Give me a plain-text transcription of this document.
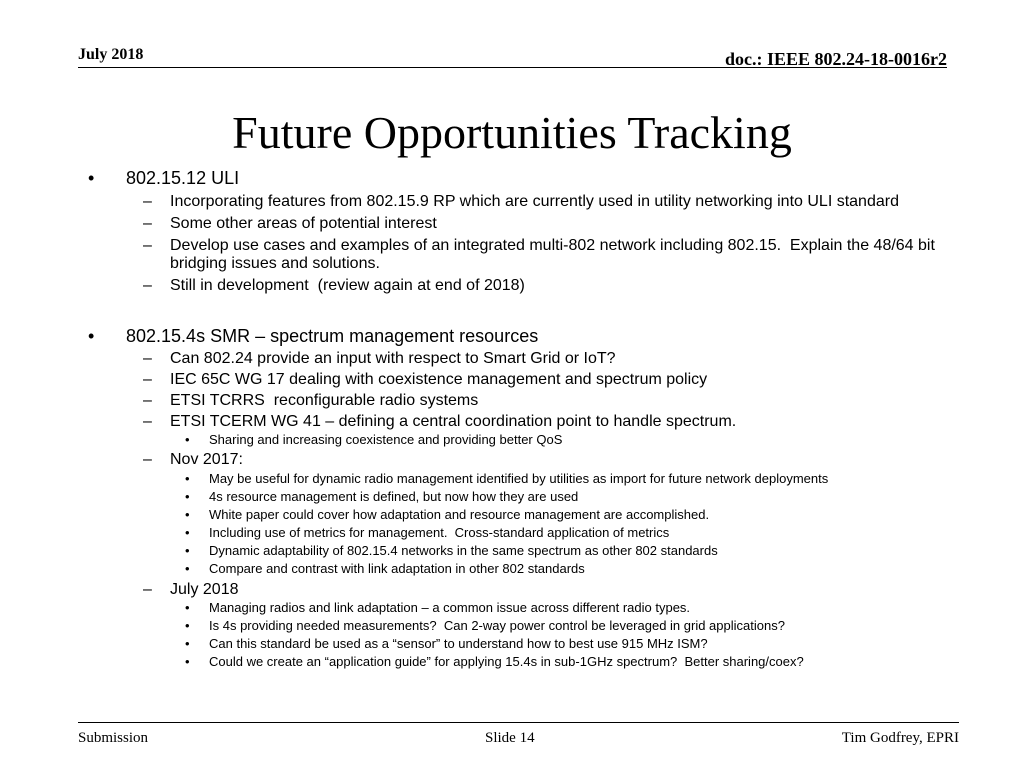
July 2018	doc.: IEEE 802.24-18-0016r2
Future Opportunities Tracking
• 802.15.12 ULI
– Incorporating features from 802.15.9 RP which are currently used in utility networking into ULI standard
– Some other areas of potential interest
– Develop use cases and examples of an integrated multi-802 network including 802.15.  Explain the 48/64 bit bridging issues and solutions.
– Still in development  (review again at end of 2018)
• 802.15.4s SMR – spectrum management resources
– Can 802.24 provide an input with respect to Smart Grid or IoT?
– IEC 65C WG 17 dealing with coexistence management and spectrum policy
– ETSI TCRRS  reconfigurable radio systems
– ETSI TCERM WG 41 – defining a central coordination point to handle spectrum.
• Sharing and increasing coexistence and providing better QoS
– Nov 2017:
• May be useful for dynamic radio management identified by utilities as import for future network deployments
• 4s resource management is defined, but now how they are used
• White paper could cover how adaptation and resource management are accomplished.
• Including use of metrics for management.  Cross-standard application of metrics
• Dynamic adaptability of 802.15.4 networks in the same spectrum as other 802 standards
• Compare and contrast with link adaptation in other 802 standards
– July 2018
• Managing radios and link adaptation – a common issue across different radio types.
• Is 4s providing needed measurements?  Can 2-way power control be leveraged in grid applications?
• Can this standard be used as a “sensor” to understand how to best use 915 MHz ISM?
• Could we create an “application guide” for applying 15.4s in sub-1GHz spectrum?  Better sharing/coex?
Submission	Slide 14	Tim Godfrey, EPRI
